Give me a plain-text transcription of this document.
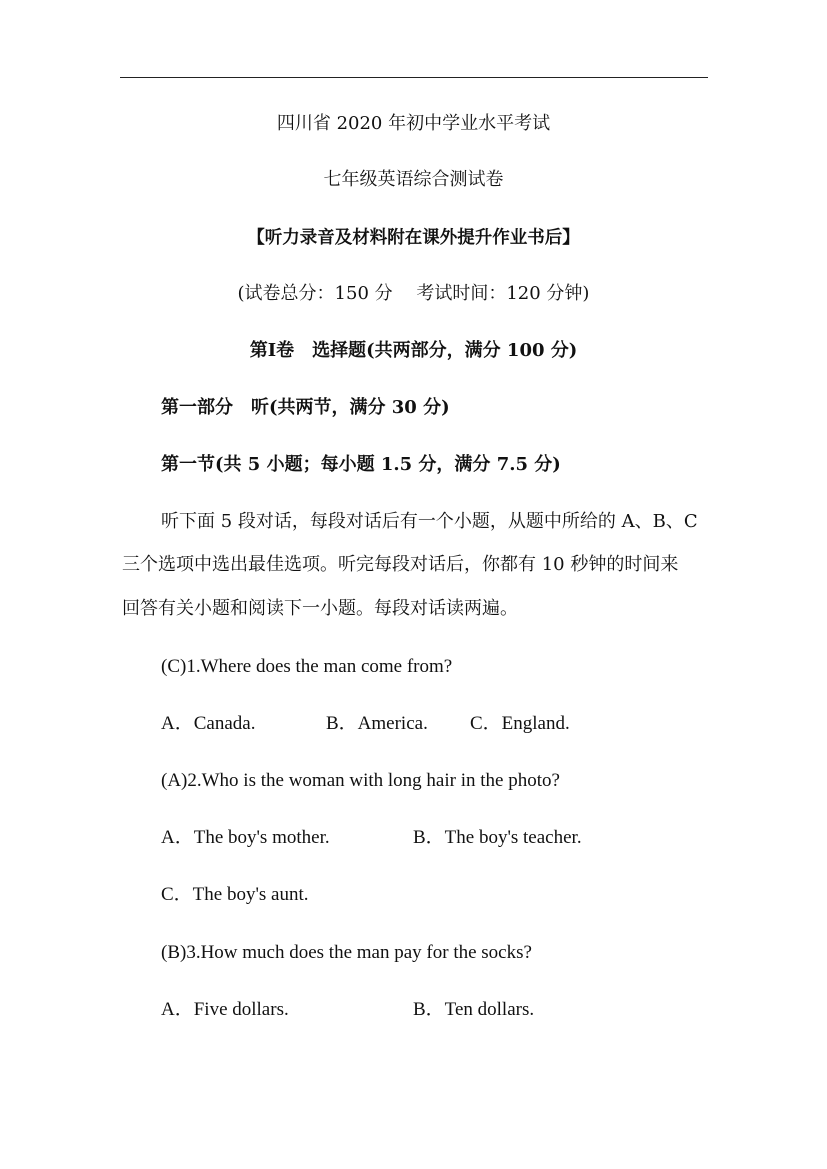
四川省 2020 年初中学业水平考试
七年级英语综合测试卷
【听力录音及材料附在课外提升作业书后】
(试卷总分：150 分　 考试时间：120 分钟)
第Ⅰ卷　选择题(共两部分，满分 100 分)
第一部分　听(共两节，满分 30 分)
第一节(共 5 小题；每小题 1.5 分，满分 7.5 分)
听下面 5 段对话，每段对话后有一个小题，从题中所给的 A、B、C
三个选项中选出最佳选项。听完每段对话后，你都有 10 秒钟的时间来
回答有关小题和阅读下一小题。每段对话读两遍。
(C)1.Where does the man come from?
A．Canada.	B．America. C．England.
(A)2.Who is the woman with long hair in the photo?
A．The boy's mother.	B．The boy's teacher.
C．The boy's aunt.
(B)3.How much does the man pay for the socks?
A．Five dollars.	B．Ten dollars.
